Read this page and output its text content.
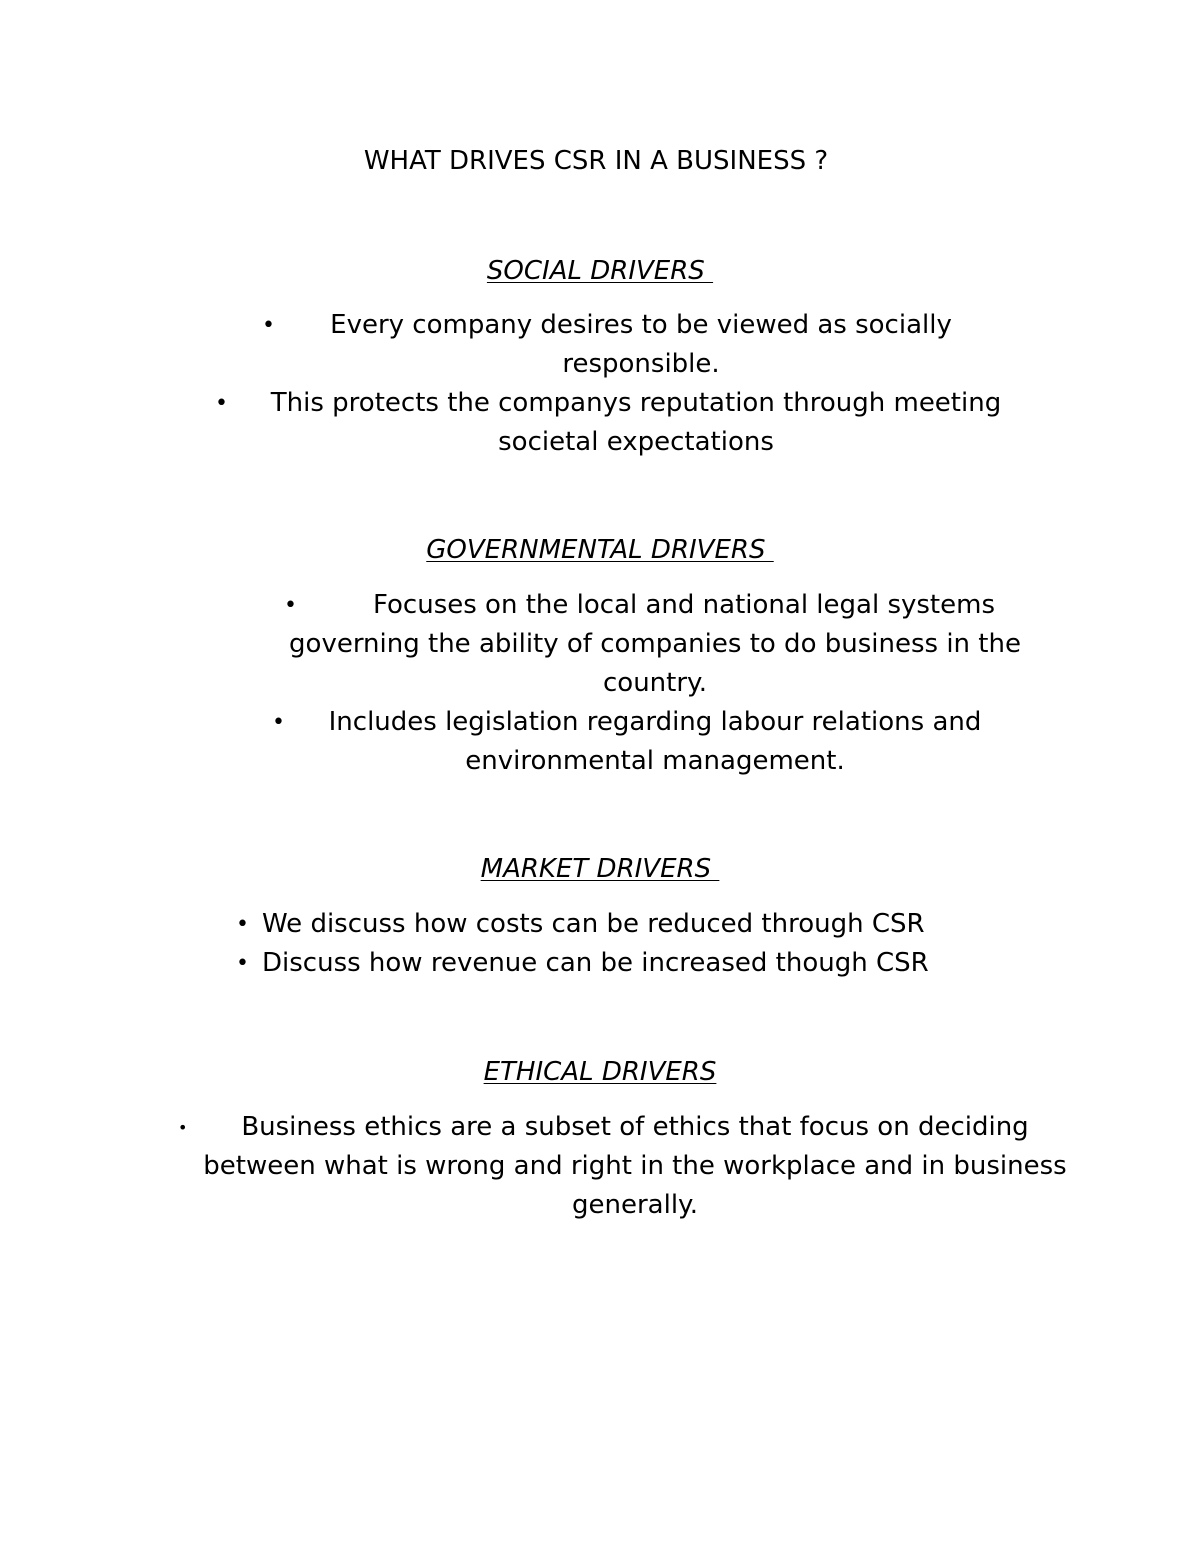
WHAT DRIVES CSR IN A BUSINESS ?
SOCIAL DRIVERS
•	Every company desires to be viewed as socially responsible.
•	This protects the companys reputation through meeting societal expectations
GOVERNMENTAL DRIVERS
•	Focuses on the local and national legal systems governing the ability of companies to do business in the country.
•	Includes legislation regarding labour relations and environmental management.
MARKET DRIVERS
• We discuss how costs can be reduced through CSR
• Discuss how revenue can be increased though CSR
ETHICAL DRIVERS
•	Business ethics are a subset of ethics that focus on deciding between what is wrong and right in the workplace and in business generally.
